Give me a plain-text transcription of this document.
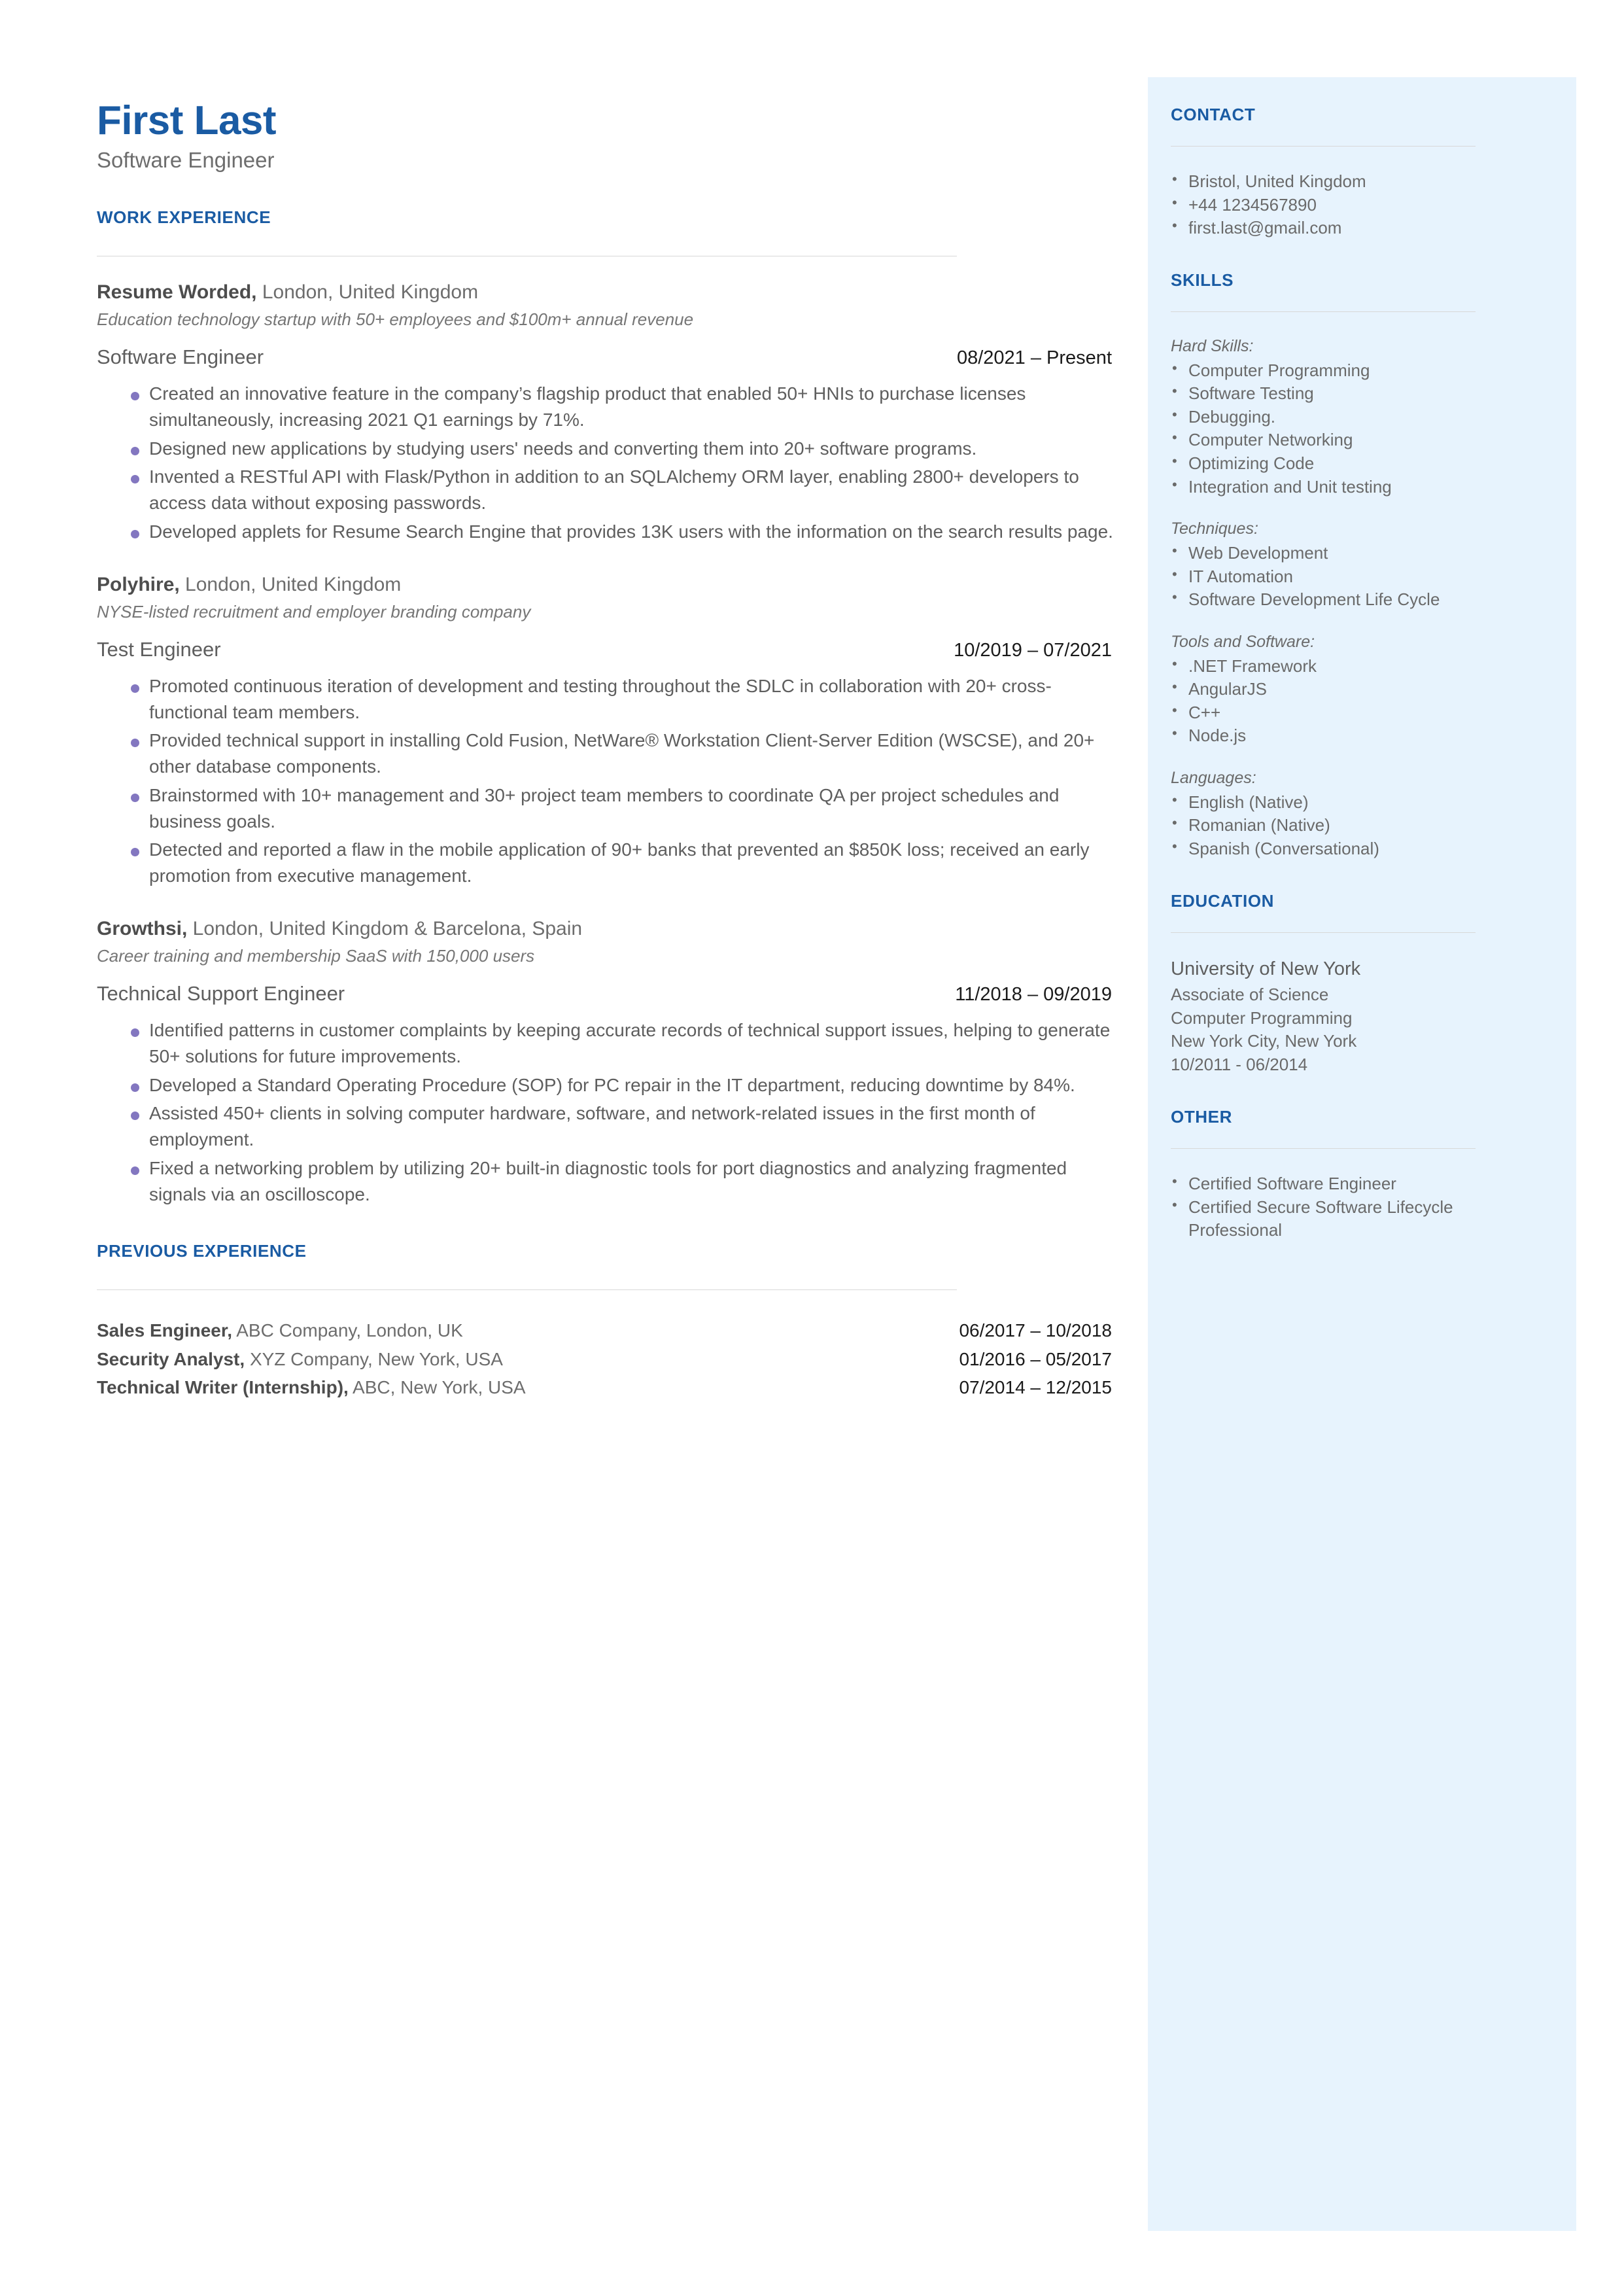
First Last
Software Engineer
WORK EXPERIENCE
Resume Worded, London, United Kingdom
Education technology startup with 50+ employees and $100m+ annual revenue
Software Engineer	08/2021 – Present
Created an innovative feature in the company’s flagship product that enabled 50+ HNIs to purchase licenses simultaneously, increasing 2021 Q1 earnings by 71%.
Designed new applications by studying users' needs and converting them into 20+ software programs.
Invented a RESTful API with Flask/Python in addition to an SQLAlchemy ORM layer, enabling 2800+ developers to access data without exposing passwords.
Developed applets for Resume Search Engine that provides 13K users with the information on the search results page.
Polyhire, London, United Kingdom
NYSE-listed recruitment and employer branding company
Test Engineer	10/2019 – 07/2021
Promoted continuous iteration of development and testing throughout the SDLC in collaboration with 20+ cross-functional team members.
Provided technical support in installing Cold Fusion, NetWare® Workstation Client-Server Edition (WSCSE), and 20+ other database components.
Brainstormed with 10+ management and 30+ project team members to coordinate QA per project schedules and business goals.
Detected and reported a flaw in the mobile application of 90+ banks that prevented an $850K loss; received an early promotion from executive management.
Growthsi, London, United Kingdom & Barcelona, Spain
Career training and membership SaaS with 150,000 users
Technical Support Engineer	11/2018 – 09/2019
Identified patterns in customer complaints by keeping accurate records of technical support issues, helping to generate 50+ solutions for future improvements.
Developed a Standard Operating Procedure (SOP) for PC repair in the IT department, reducing downtime by 84%.
Assisted 450+ clients in solving computer hardware, software, and network-related issues in the first month of employment.
Fixed a networking problem by utilizing 20+ built-in diagnostic tools for port diagnostics and analyzing fragmented signals via an oscilloscope.
PREVIOUS EXPERIENCE
Sales Engineer, ABC Company, London, UK	06/2017 – 10/2018
Security Analyst, XYZ Company, New York, USA	01/2016 – 05/2017
Technical Writer (Internship), ABC, New York, USA	07/2014 – 12/2015
CONTACT
• Bristol, United Kingdom
• +44 1234567890
• first.last@gmail.com
SKILLS
Hard Skills:
• Computer Programming
• Software Testing
• Debugging.
• Computer Networking
• Optimizing Code
• Integration and Unit testing
Techniques:
• Web Development
• IT Automation
• Software Development Life Cycle
Tools and Software:
• .NET Framework
• AngularJS
• C++
• Node.js
Languages:
• English (Native)
• Romanian (Native)
• Spanish (Conversational)
EDUCATION
University of New York
Associate of Science
Computer Programming
New York City, New York
10/2011 - 06/2014
OTHER
• Certified Software Engineer
• Certified Secure Software Lifecycle Professional
